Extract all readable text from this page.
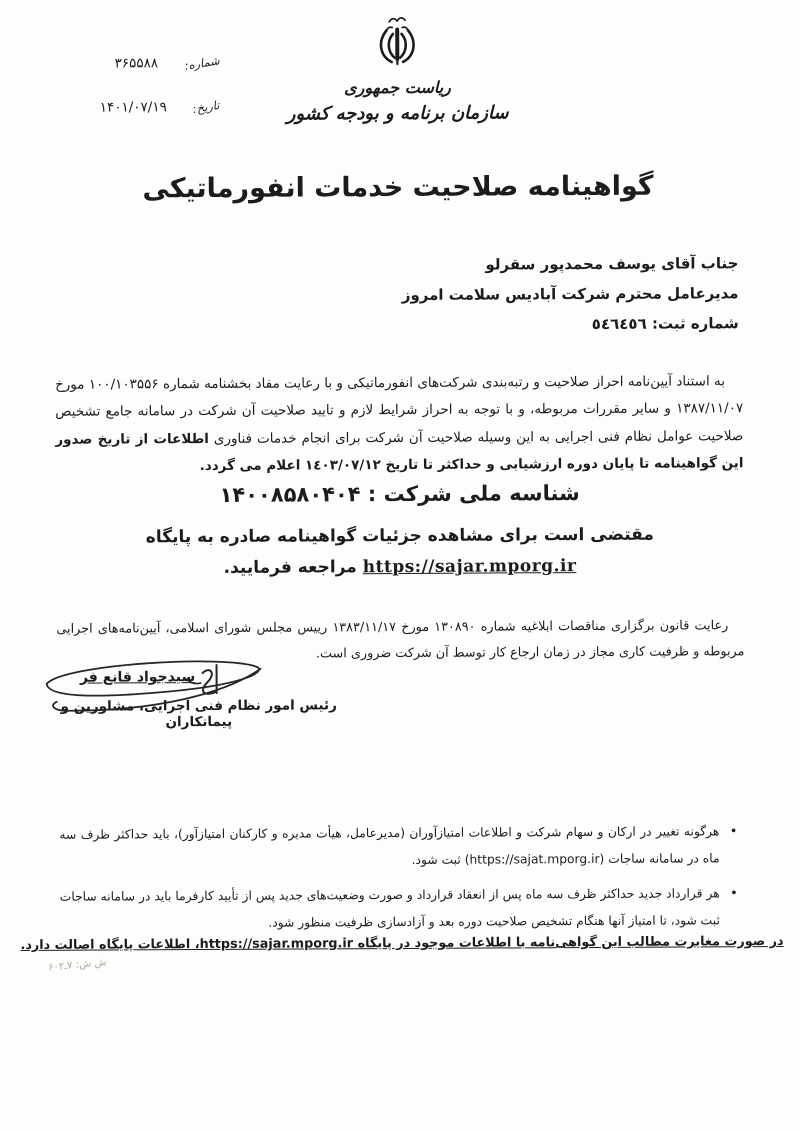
شماره:
۳۶۵۵۸۸
تاریخ:
۱۴۰۱/۰۷/۱۹
ریاست جمهوری
سازمان برنامه و بودجه کشور
گواهینامه صلاحیت خدمات انفورماتیکی
جناب آقای یوسف محمدپور سقرلو
مدیرعامل محترم شرکت آبادیس سلامت امروز
شماره ثبت: ٥٤٦٤٥٦

به استناد آیین‌نامه احراز صلاحیت و رتبه‌بندی شرکت‌های انفورماتیکی و با رعایت مفاد بخشنامه شماره ۱۰۰/۱۰۳۵۵۶ مورخ ۱۳۸۷/۱۱/۰۷ و سایر مقررات مربوطه، و با توجه به احراز شرایط لازم و تایید صلاحیت آن شرکت در سامانه جامع تشخیص صلاحیت عوامل نظام فنی اجرایی به این وسیله صلاحیت آن شرکت برای انجام خدمات فناوری اطلاعات از تاریخ صدور این گواهینامه تا پایان دوره ارزشیابی و حداکثر تا تاریخ ۱٤۰۳/۰۷/۱۲ اعلام می گردد.

شناسه ملی شرکت : ۱۴۰۰۸۵۸۰۴۰۴
مقتضی است برای مشاهده جزئیات گواهینامه صادره به پایگاه
https://sajar.mporg.ir مراجعه فرمایید.

رعایت قانون برگزاری مناقصات ابلاغیه شماره ۱۳۰۸۹۰ مورخ ۱۳۸۳/۱۱/۱۷ رییس مجلس شورای اسلامی، آیین‌نامه‌های اجرایی مربوطه و ظرفیت کاری مجاز در زمان ارجاع کار توسط آن شرکت ضروری است.

سیدجواد قانع فر
رئیس امور نظام فنی اجرایی، مشاورین و پیمانکاران
•
هرگونه تغییر در ارکان و سهام شرکت و اطلاعات امتیازآوران (مدیرعامل، هیأت مدیره و کارکنان امتیازآور)، باید حداکثر ظرف سه ماه در سامانه ساجات (https://sajat.mporg.ir) ثبت شود.
•
هر قرارداد جدید حداکثر ظرف سه ماه پس از انعقاد قرارداد و صورت وضعیت‌های جدید پس از تأیید کارفرما باید در سامانه ساجات ثبت شود، تا امتیاز آنها هنگام تشخیص صلاحیت دوره بعد و آزادسازی ظرفیت منظور شود.
در صورت مغایرت مطالب این گواهی‌نامه با اطلاعات موجود در پایگاه https://sajar.mporg.ir، اطلاعات پایگاه اصالت دارد.
ش ش: ۷ـ۶۰۲
